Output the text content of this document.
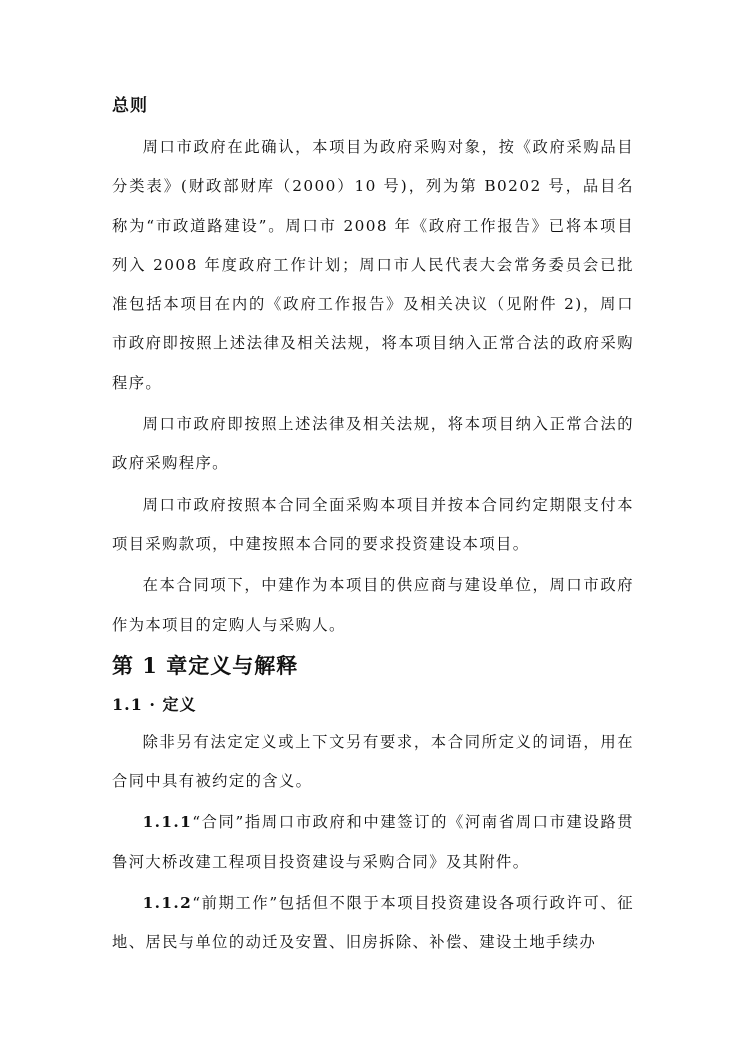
总则

周口市政府在此确认，本项目为政府采购对象，按《政府采购品目分类表》(财政部财库（2000）10 号)，列为第 B0202 号，品目名称为“市政道路建设”。周口市 2008 年《政府工作报告》已将本项目列入 2008 年度政府工作计划；周口市人民代表大会常务委员会已批准包括本项目在内的《政府工作报告》及相关决议（见附件 2)，周口市政府即按照上述法律及相关法规，将本项目纳入正常合法的政府采购程序。

周口市政府即按照上述法律及相关法规，将本项目纳入正常合法的政府采购程序。

周口市政府按照本合同全面采购本项目并按本合同约定期限支付本项目采购款项，中建按照本合同的要求投资建设本项目。

在本合同项下，中建作为本项目的供应商与建设单位，周口市政府作为本项目的定购人与采购人。

第 1 章定义与解释
1.1 · 定义

除非另有法定定义或上下文另有要求，本合同所定义的词语，用在合同中具有被约定的含义。

1.1.1“合同”指周口市政府和中建签订的《河南省周口市建设路贯鲁河大桥改建工程项目投资建设与采购合同》及其附件。

1.1.2“前期工作”包括但不限于本项目投资建设各项行政许可、征地、居民与单位的动迁及安置、旧房拆除、补偿、建设土地手续办
